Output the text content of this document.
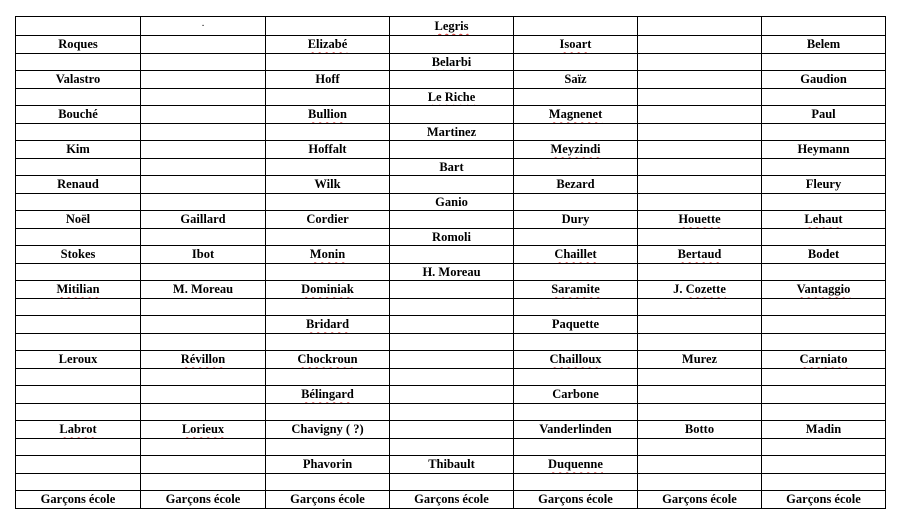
	·		Legris			
Roques		Elizabé		Isoart		Belem
			Belarbi			
Valastro		Hoff		Saïz		Gaudion
			Le Riche			
Bouché		Bullion		Magnenet		Paul
			Martinez			
Kim		Hoffalt		Meyzindi		Heymann
			Bart			
Renaud		Wilk		Bezard		Fleury
			Ganio			
Noël	Gaillard	Cordier		Dury	Houette	Lehaut
			Romoli			
Stokes	Ibot	Monin		Chaillet	Bertaud	Bodet
			H. Moreau			
Mitilian	M. Moreau	Dominiak		Saramite	J. Cozette	Vantaggio

		Bridard		Paquette		

Leroux	Révillon	Chockroun		Chailloux	Murez	Carniato

		Bélingard		Carbone		

Labrot	Lorieux	Chavigny ( ?)		Vanderlinden	Botto	Madin

		Phavorin	Thibault	Duquenne		

Garçons école	Garçons école	Garçons école	Garçons école	Garçons école	Garçons école	Garçons école
